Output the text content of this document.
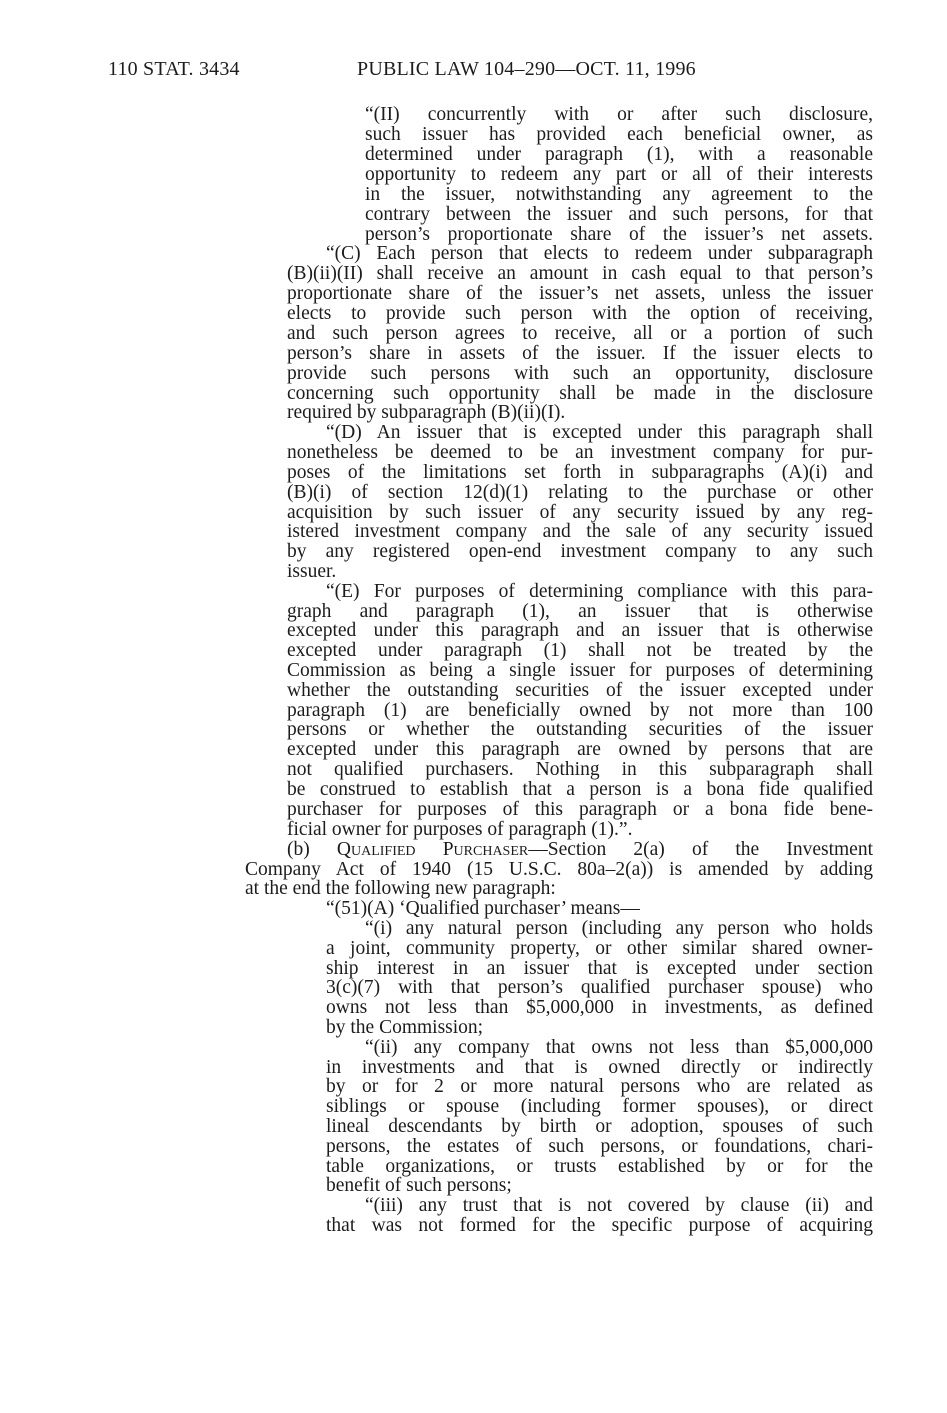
110 STAT. 3434	PUBLIC LAW 104–290—OCT. 11, 1996
“(II) concurrently with or after such disclosure,
such issuer has provided each beneficial owner, as
determined under paragraph (1), with a reasonable
opportunity to redeem any part or all of their interests
in the issuer, notwithstanding any agreement to the
contrary between the issuer and such persons, for that
person’s proportionate share of the issuer’s net assets.
“(C) Each person that elects to redeem under subparagraph
(B)(ii)(II) shall receive an amount in cash equal to that person’s
proportionate share of the issuer’s net assets, unless the issuer
elects to provide such person with the option of receiving,
and such person agrees to receive, all or a portion of such
person’s share in assets of the issuer. If the issuer elects to
provide such persons with such an opportunity, disclosure
concerning such opportunity shall be made in the disclosure
required by subparagraph (B)(ii)(I).
“(D) An issuer that is excepted under this paragraph shall
nonetheless be deemed to be an investment company for pur-
poses of the limitations set forth in subparagraphs (A)(i) and
(B)(i) of section 12(d)(1) relating to the purchase or other
acquisition by such issuer of any security issued by any reg-
istered investment company and the sale of any security issued
by any registered open-end investment company to any such
issuer.
“(E) For purposes of determining compliance with this para-
graph and paragraph (1), an issuer that is otherwise
excepted under this paragraph and an issuer that is otherwise
excepted under paragraph (1) shall not be treated by the
Commission as being a single issuer for purposes of determining
whether the outstanding securities of the issuer excepted under
paragraph (1) are beneficially owned by not more than 100
persons or whether the outstanding securities of the issuer
excepted under this paragraph are owned by persons that are
not qualified purchasers. Nothing in this subparagraph shall
be construed to establish that a person is a bona fide qualified
purchaser for purposes of this paragraph or a bona fide bene-
ficial owner for purposes of paragraph (1).”.
(b) Qualified Purchaser—Section 2(a) of the Investment
Company Act of 1940 (15 U.S.C. 80a–2(a)) is amended by adding
at the end the following new paragraph:
“(51)(A) ‘Qualified purchaser’ means—
“(i) any natural person (including any person who holds
a joint, community property, or other similar shared owner-
ship interest in an issuer that is excepted under section
3(c)(7) with that person’s qualified purchaser spouse) who
owns not less than $5,000,000 in investments, as defined
by the Commission;
“(ii) any company that owns not less than $5,000,000
in investments and that is owned directly or indirectly
by or for 2 or more natural persons who are related as
siblings or spouse (including former spouses), or direct
lineal descendants by birth or adoption, spouses of such
persons, the estates of such persons, or foundations, chari-
table organizations, or trusts established by or for the
benefit of such persons;
“(iii) any trust that is not covered by clause (ii) and
that was not formed for the specific purpose of acquiring
